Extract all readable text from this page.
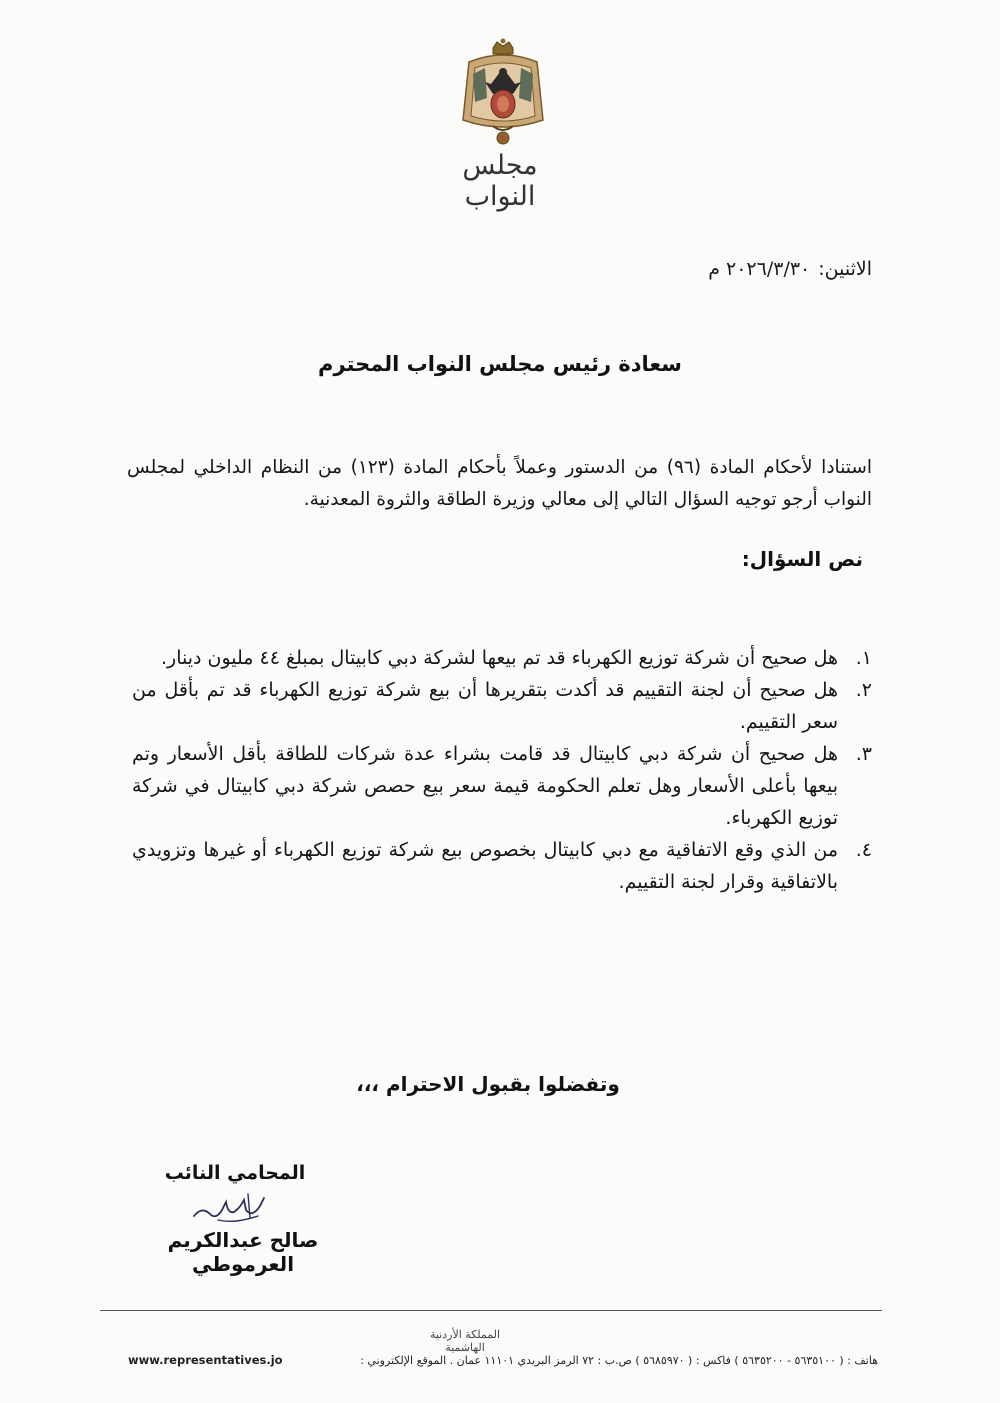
مجلس النواب
الاثنين:٢٠٢٦/٣/٣٠ م
سعادة رئيس مجلس النواب المحترم
استنادا لأحكام المادة (٩٦) من الدستور وعملاً بأحكام المادة (١٢٣) من النظام الداخلي لمجلس النواب أرجو توجيه السؤال التالي إلى معالي وزيرة الطاقة والثروة المعدنية.
نص السؤال:
١.
هل صحيح أن شركة توزيع الكهرباء قد تم بيعها لشركة دبي كابيتال بمبلغ ٤٤ مليون دينار.
٢.
هل صحيح أن لجنة التقييم قد أكدت بتقريرها أن بيع شركة توزيع الكهرباء قد تم بأقل من سعر التقييم.
٣.
هل صحيح أن شركة دبي كابيتال قد قامت بشراء عدة شركات للطاقة بأقل الأسعار وتم بيعها بأعلى الأسعار وهل تعلم الحكومة قيمة سعر بيع حصص شركة دبي كابيتال في شركة توزيع الكهرباء.
٤.
من الذي وقع الاتفاقية مع دبي كابيتال بخصوص بيع شركة توزيع الكهرباء أو غيرها وتزويدي بالاتفاقية وقرار لجنة التقييم.
وتفضلوا بقبول الاحترام ،،،
المحامي النائب
صالح عبدالكريم العرموطي
المملكة الأردنية الهاشمية
هاتف : ( ٥٦٣٥١٠٠ - ٥٦٣٥٢٠٠ ) فاكس : ( ٥٦٨٥٩٧٠ ) ص.ب : ٧٢ الرمز البريدي ١١١٠١ عمان . الموقع الإلكتروني :
www.representatives.jo
